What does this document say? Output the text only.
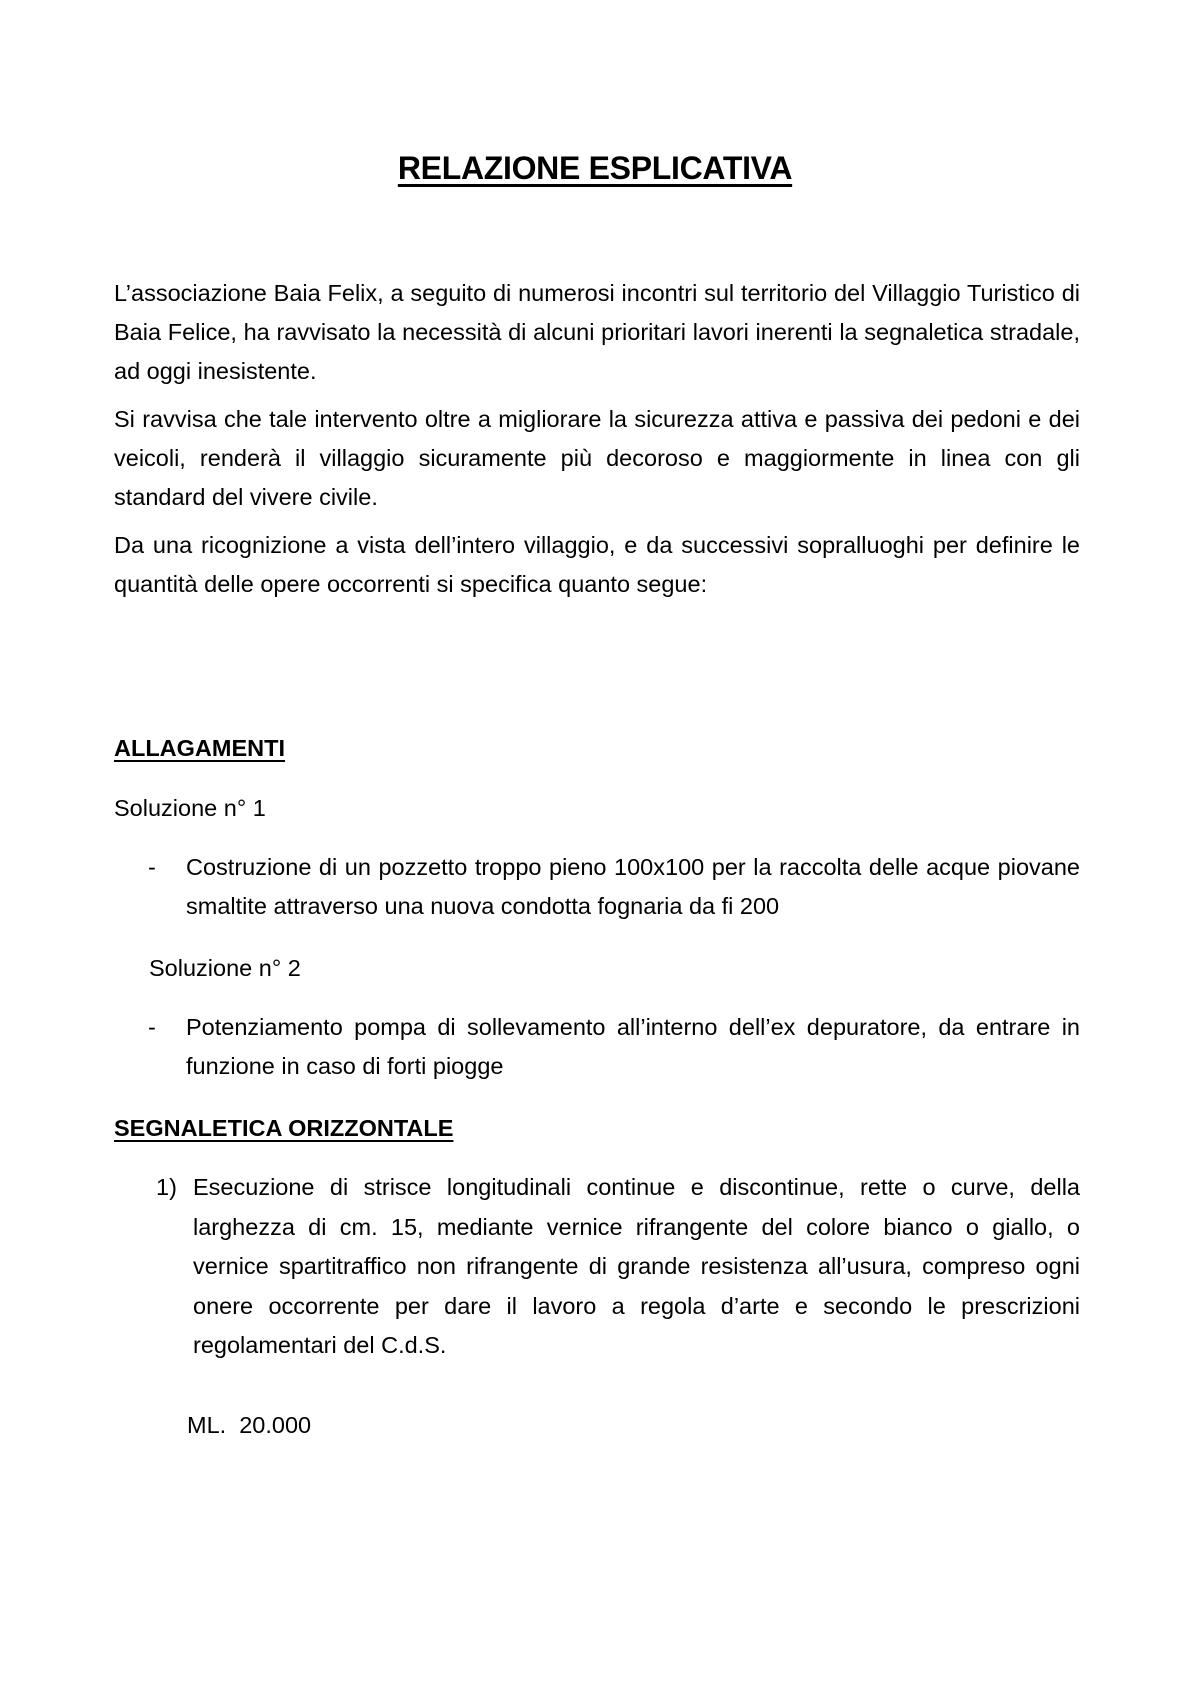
RELAZIONE ESPLICATIVA

L’associazione Baia Felix, a seguito di numerosi incontri sul territorio del Villaggio Turistico di Baia Felice, ha ravvisato la necessità di alcuni prioritari lavori inerenti la segnaletica stradale, ad oggi inesistente.

Si ravvisa che tale intervento oltre a migliorare la sicurezza attiva e passiva dei pedoni e dei veicoli, renderà il villaggio sicuramente più decoroso e maggiormente in linea con gli standard del vivere civile.

Da una ricognizione a vista dell’intero villaggio, e da successivi sopralluoghi per definire le quantità delle opere occorrenti si specifica quanto segue:

ALLAGAMENTI
Soluzione n° 1
-	Costruzione di un pozzetto troppo pieno 100x100 per la raccolta delle acque piovane smaltite attraverso una nuova condotta fognaria da fi 200
Soluzione n° 2
-	Potenziamento pompa di sollevamento all’interno dell’ex depuratore, da entrare in funzione in caso di forti piogge
SEGNALETICA ORIZZONTALE
1) Esecuzione di strisce longitudinali continue e discontinue, rette o curve, della larghezza di cm. 15, mediante vernice rifrangente del colore bianco o giallo, o vernice spartitraffico non rifrangente di grande resistenza all’usura, compreso ogni onere occorrente per dare il lavoro a regola d’arte e secondo le prescrizioni regolamentari del C.d.S.
ML.  20.000
